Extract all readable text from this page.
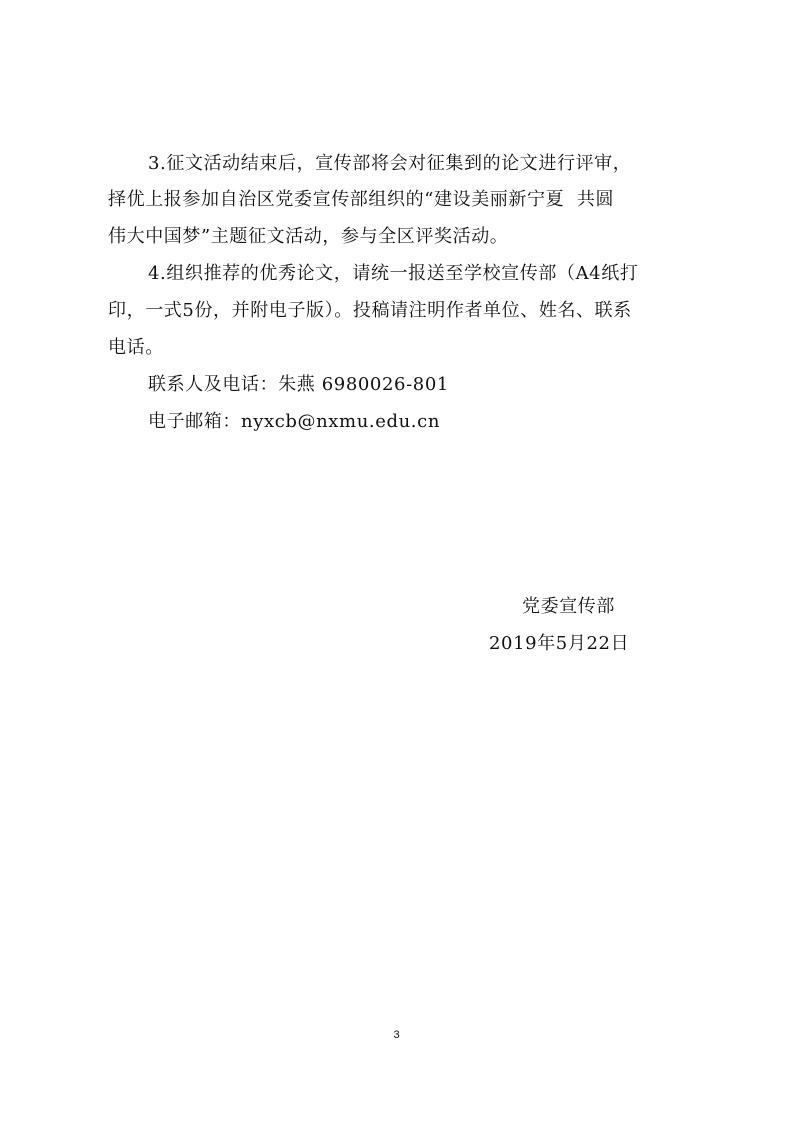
3.征文活动结束后，宣传部将会对征集到的论文进行评审，
择优上报参加自治区党委宣传部组织的“建设美丽新宁夏  共圆
伟大中国梦”主题征文活动，参与全区评奖活动。
4.组织推荐的优秀论文，请统一报送至学校宣传部（A4纸打
印，一式5份，并附电子版）。投稿请注明作者单位、姓名、联系
电话。
联系人及电话：朱燕 6980026-801
电子邮箱：nyxcb@nxmu.edu.cn
党委宣传部
2019年5月22日
3
